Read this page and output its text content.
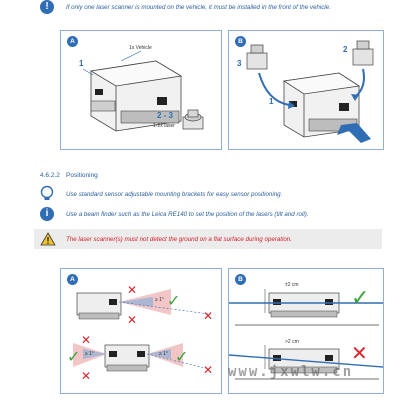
!	If only one laser scanner is mounted on the vehicle, it must be installed in the front of the vehicle.
A
1x Vehicle
1
2 - 3
1-2x laser
B
3
2
1
4.6.2.2 Positioning
Use standard sensor adjustable mounting brackets for easy sensor positioning.
i	Use a beam finder such as the Leica RE140 to set the position of the lasers (tilt and roll).
The laser scanner(s) must not detect the ground on a flat surface during operation.
A
✕
✕	✕
✕
✕	✕
✓
✓	✓
≥ 1°
≥ 1°	≥ 1°
B
±2 cm
>2 cm
✓
✕
www.jxwlw.cn
